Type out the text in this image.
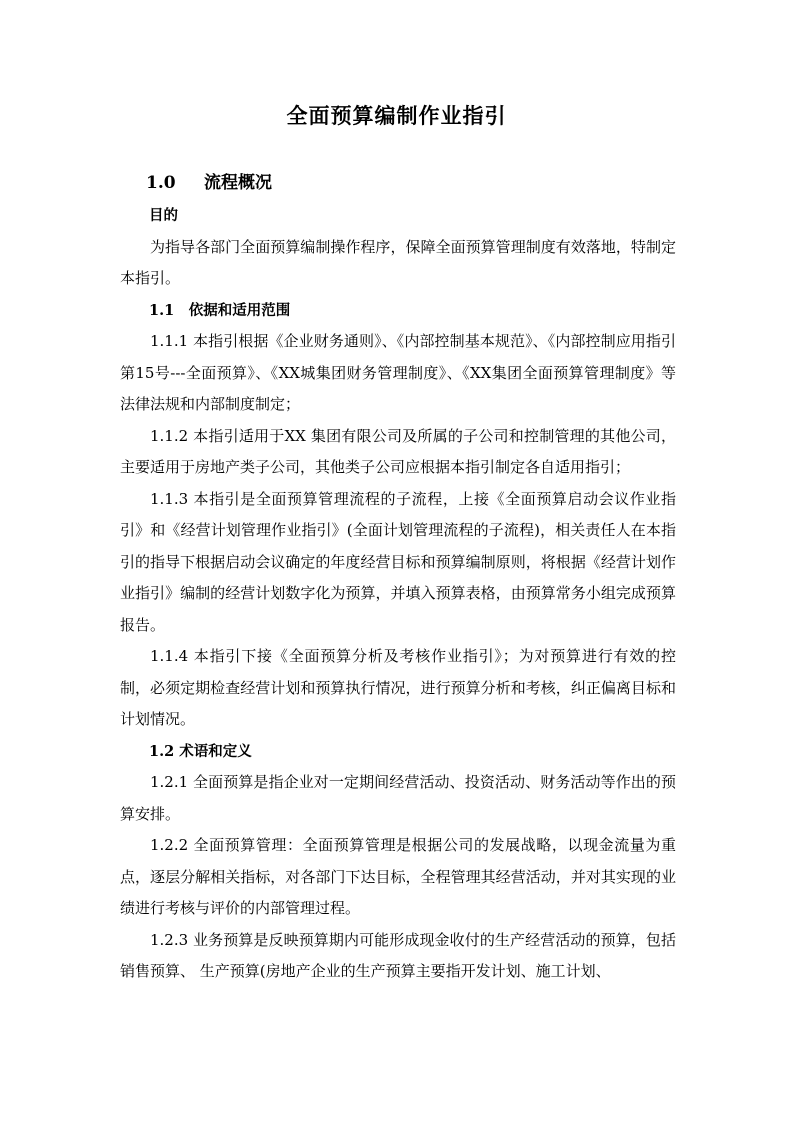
全面预算编制作业指引
1.0 流程概况

目的

为指导各部门全面预算编制操作程序，保障全面预算管理制度有效落地，特制定本指引。

1.1　依据和适用范围

1.1.1 本指引根据《企业财务通则》、《内部控制基本规范》、《内部控制应用指引第15号---全面预算》、《XX城集团财务管理制度》、《XX集团全面预算管理制度》等法律法规和内部制度制定；

1.1.2 本指引适用于XX 集团有限公司及所属的子公司和控制管理的其他公司，主要适用于房地产类子公司，其他类子公司应根据本指引制定各自适用指引；

1.1.3 本指引是全面预算管理流程的子流程，上接《全面预算启动会议作业指引》和《经营计划管理作业指引》(全面计划管理流程的子流程)，相关责任人在本指引的指导下根据启动会议确定的年度经营目标和预算编制原则，将根据《经营计划作业指引》编制的经营计划数字化为预算，并填入预算表格，由预算常务小组完成预算报告。

1.1.4 本指引下接《全面预算分析及考核作业指引》；为对预算进行有效的控制，必须定期检查经营计划和预算执行情况，进行预算分析和考核，纠正偏离目标和计划情况。

1.2 术语和定义

1.2.1 全面预算是指企业对一定期间经营活动、投资活动、财务活动等作出的预算安排。

1.2.2 全面预算管理：全面预算管理是根据公司的发展战略，以现金流量为重点，逐层分解相关指标，对各部门下达目标，全程管理其经营活动，并对其实现的业绩进行考核与评价的内部管理过程。

1.2.3 业务预算是反映预算期内可能形成现金收付的生产经营活动的预算，包括销售预算、 生产预算(房地产企业的生产预算主要指开发计划、施工计划、
